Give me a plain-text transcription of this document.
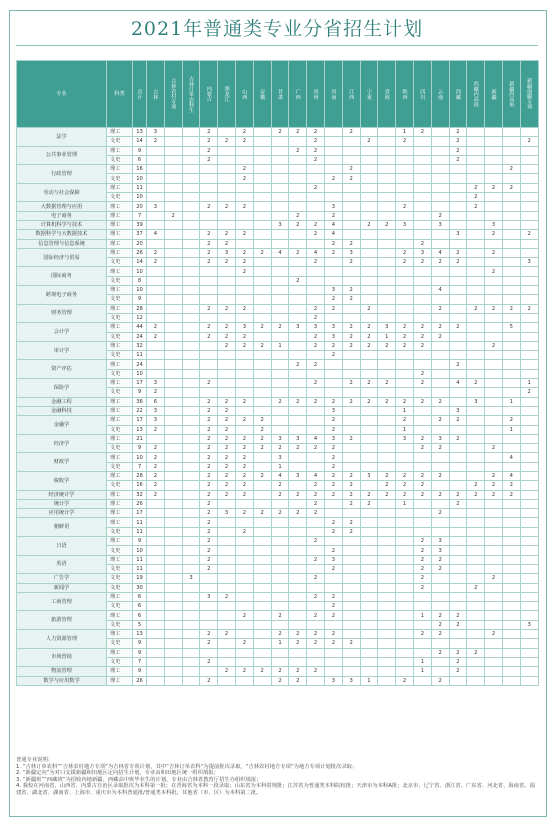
2021年普通类专业分省招生计划
专业	科类	总计	吉林	吉林农村专项	吉林订单农科生	内蒙古	黑龙江	山西	安徽	甘肃	广西	贵州	河南	江西	宁夏	青海	陕西	四川	云南	西藏	西藏内高班	新疆	新疆内高班	新疆南疆专项
法学	理工	13	3			2		2		2	2	2		2			1	2		2				
	文史	14	2			2	2	2				2			2		2			2				2
公共事业管理	理工	9				2					2	2								2				
	文史	6				2						2								2				
行政管理	理工	16						2						2									2	
	文史	10						2					2	2										
劳动与社会保障	理工	11										2									2	2	2	
	文史	10																			2			
大数据管理与应用	理工	20	3			2	2	2					3				2				2			
电子商务	理工	7		2							2		2						2					
计算机科学与技术	理工	39								3	2	2	4		2	2	3		3			3		
数据科学与大数据技术	理工	37	4			2	2	2				2	4							3		2		2
信息管理与信息系统	理工	20				2	2						2	2				2						
国际经济与贸易	理工	26	2			2	3	2	2	4	2	4	2	3			2	3	4	2		2		
	文史	14	2			2	2	2				2		2			2	2	2	2				3
国际商务	理工	10						2														2		
	文史	8									2													
跨境电子商务	理工	10											3	2					4					
	文史	9											2	2										
财务管理	理工	28				2	2	2				2	2		2				2		2	2	2	2
	文史	12										2												
会计学	理工	44	2			2	2	3	2	2	3	3	3	2	2	3	2	2	2	2			5	
	文史	24	2			2	2	2				2	3	2	2	1	2	2	2					
审计学	理工	32					2	2	2	1		2	2	2	2	2	2	2				2		
	文史	11											2											
资产评估	理工	24									2	2								2				
	文史	10																2						
保险学	理工	17	3			2						2		2	2	2		2		4	2			1
	文史	9	2																					2
金融工程	理工	36	6			2	2	2		2	2	2	2	2	2	2	2	2	2		3		1	
金融科技	理工	22	3			2	2						3				1			3				
金融学	理工	17	3			2	2	2	2				2				2		2	2			2	
	文史	13	2			2	2		2				2				1						1	
经济学	理工	21				2	2	2	2	3	3	4	3	2			3	2	3	2				
	文史	9	2			2	2	2	2	2	2	2	2					2	2			2		
财政学	理工	10	2			2	2	2		3			2										4	
	文史	7	2			2	2	2		1			2											
税收学	理工	28	2			2	2	2	2	4	3	4	2	2	3	2	2	2	2			2	4	
	文史	16	2			2	2	2		2		2	2	2		2	2	2			2	2	2	
经济统计学	理工	32	2			2	2	2		2	2	2	2	2	2	2	2	2	2	2	2	2	2	
统计学	理工	26				2						2		2	2		1			2				
应用统计学	理工	17				2	3	2	2	2	2	2							2					
朝鲜语	理工	11				2							2	2										
	文史	11				2		2					2	2										
日语	理工	9				2						2						2	3					
	文史	10				2							2					2	3					
英语	理工	11				2						2	3					2	2					
	文史	11				2							2					2	2					
广告学	文史	19			3							2						2				2		
新闻学	文史	30																2			2			
工商管理	理工	6				3	2					2	2											
	文史	6											2											
旅游管理	理工	6						2		2		2	2					1	2	2				
	文史	5																	2	2				3
人力资源管理	理工	13				2	2			2	2	2	2					2	2			2		
	文史	9				2		2		1	2	2	2	2										
市场营销	理工	9																	2	2	2			
	文史	7				2												1		2				
物流管理	理工	9					2	2	2	2	2	2						1		2				
数学与应用数学	理工	26				2				2	2		3	3	1		2		2					
普通专业说明：
1. “吉林订单农科”“吉林农村地方专项”为吉林省专项计划，其中“吉林订单农科”为提前批次录取，“吉林农村地方专项”为地方专项计划批次录取；
2. “新疆定向”为对口支援新疆和田地区定向招生计划，专业由和田地区统一组织填报；
3. “新疆班”“西藏班”为招收内地新疆、西藏高中班毕业生的计划，专业由吉林省教育厅招生办组织填报；
4. 我校在河南省、山西省、内蒙古自治区录取批次为本科第一批；在青海省为本科一段录取；山东省为本科常规批；江苏省为普通类本科院校批；天津市为本科A批；北京市、辽宁省、浙江省、广东省、河北省、海南省、福建省、湖北省、湖南省、上海市、重庆市为本科普通批/普通类本科批，其他省（市、区）为本科第二批。
